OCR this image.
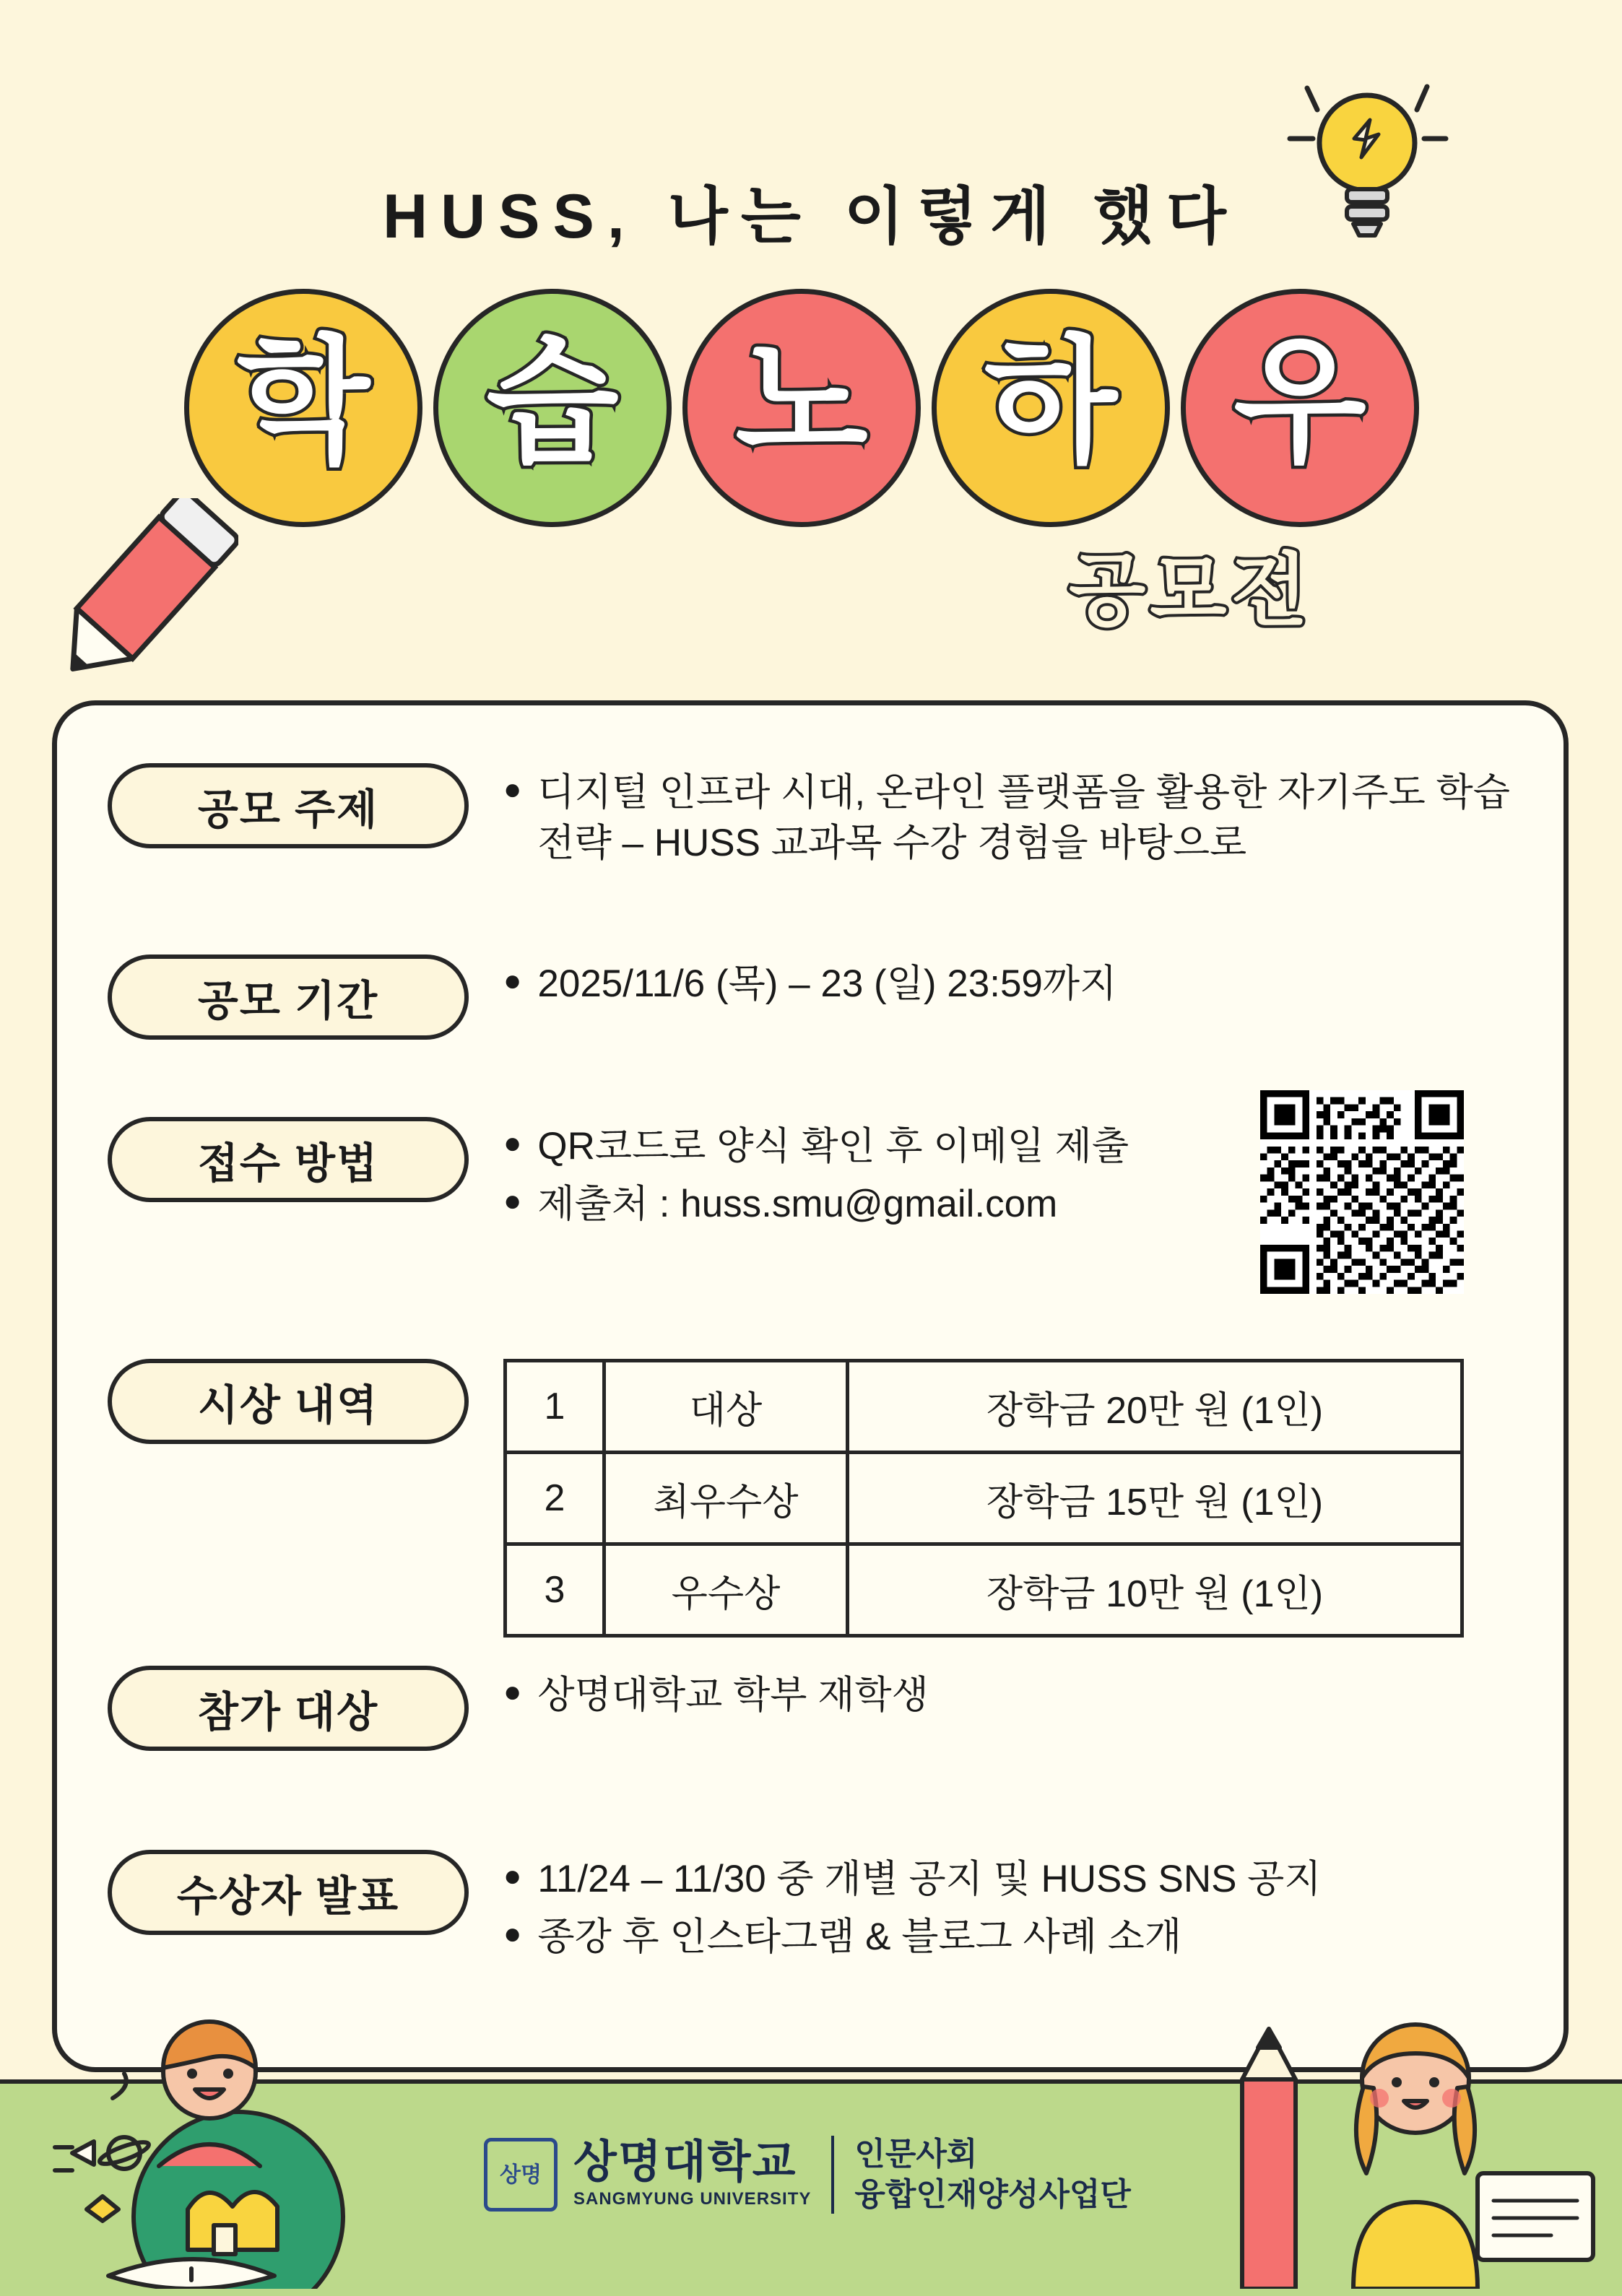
HUSS, 나는 이렇게 했다
학 습 노 하 우
공모전
공모 주제	● 디지털 인프라 시대, 온라인 플랫폼을 활용한 자기주도 학습 전략 – HUSS 교과목 수강 경험을 바탕으로
공모 기간	● 2025/11/6 (목) – 23 (일) 23:59까지
접수 방법	● QR코드로 양식 확인 후 이메일 제출
● 제출처 : huss.smu@gmail.com
시상 내역	1	대상	장학금 20만 원 (1인)
2	최우수상	장학금 15만 원 (1인)
3	우수상	장학금 10만 원 (1인)
참가 대상	● 상명대학교 학부 재학생
수상자 발표	● 11/24 – 11/30 중 개별 공지 및 HUSS SNS 공지
● 종강 후 인스타그램 & 블로그 사례 소개
상명 상명대학교
SANGMYUNG UNIVERSITY
인문사회
융합인재양성사업단
